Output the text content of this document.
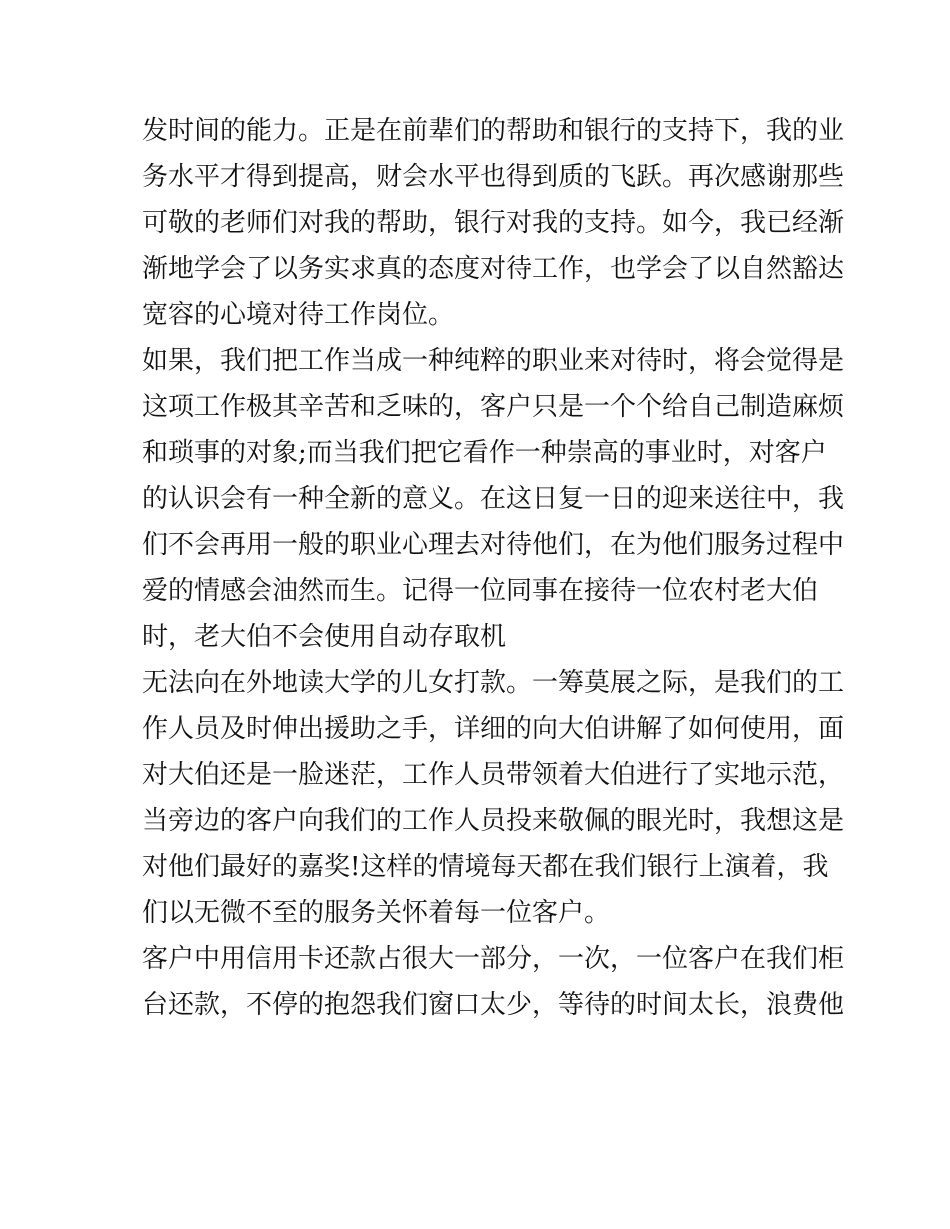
发时间的能力。正是在前辈们的帮助和银行的支持下，我的业
务水平才得到提高，财会水平也得到质的飞跃。再次感谢那些
可敬的老师们对我的帮助，银行对我的支持。如今，我已经渐
渐地学会了以务实求真的态度对待工作，也学会了以自然豁达
宽容的心境对待工作岗位。
如果，我们把工作当成一种纯粹的职业来对待时，将会觉得是
这项工作极其辛苦和乏味的，客户只是一个个给自己制造麻烦
和琐事的对象;而当我们把它看作一种崇高的事业时，对客户
的认识会有一种全新的意义。在这日复一日的迎来送往中，我
们不会再用一般的职业心理去对待他们，在为他们服务过程中
爱的情感会油然而生。记得一位同事在接待一位农村老大伯
时，老大伯不会使用自动存取机
无法向在外地读大学的儿女打款。一筹莫展之际，是我们的工
作人员及时伸出援助之手，详细的向大伯讲解了如何使用，面
对大伯还是一脸迷茫，工作人员带领着大伯进行了实地示范，
当旁边的客户向我们的工作人员投来敬佩的眼光时，我想这是
对他们最好的嘉奖!这样的情境每天都在我们银行上演着，我
们以无微不至的服务关怀着每一位客户。
客户中用信用卡还款占很大一部分，一次，一位客户在我们柜
台还款，不停的抱怨我们窗口太少，等待的时间太长，浪费他
